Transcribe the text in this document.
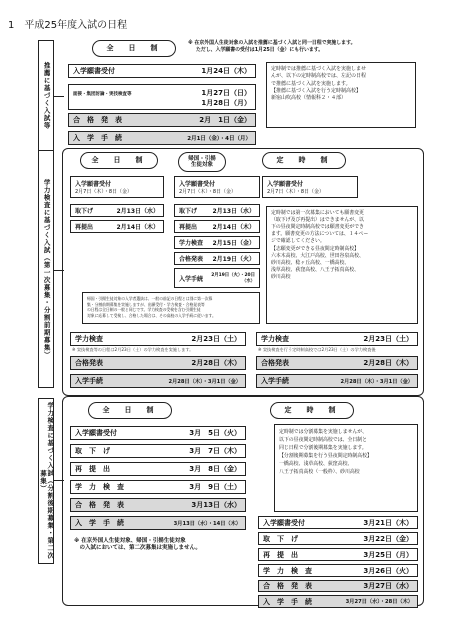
1　平成25年度入試の日程
推薦に基づく入試等
全　日　制
※ 在京外国人生徒対象の入試を推薦に基づく入試と同一日程で実施します。
ただし、入学願書の受付は1月25日（金）にも行います。
入学願書受付	1月24日（木）
面接・集団討論・実技検査等	1月27日（日）
1月28日（月）
合　格　発　表	2月　1日（金）
入　学　手　続	2月1日（金）・4日（月）

定時制では推薦に基づく入試を実施しませ

んが、以下の定時制高校では、左記の日程

で推薦に基づく入試を実施します。

【推薦に基づく入試を行う定時制高校】

新宿山吹高校（情報科２・４部）

学力検査に基づく入試（第一次募集・分割前期募集）
全　日　制	帰国・引揚
生徒対象
定　時　制
入学願書受付
2月7日（木）・8日（金）
取下げ	2月13日（水）
再提出	2月14日（木）
入学願書受付
2月7日（木）・8日（金）
取下げ	2月13日（水）
再提出	2月14日（木）
学力検査 2月15日（金）
合格発表 2月19日（火）
入学手続 2月19日（火）・20日（水）
入学願書受付
2月7日（木）・8日（金）

定時制では第一次募集においても願書変更

（取下げ及び再提出）はできませんが、以

下の昼夜間定時制高校では願書変更ができ

ます。願書変更の方法については、１４ペー

ジで確認してください。

【志願変更ができる昼夜間定時制高校】

六本木高校、大江戸高校、世田谷泉高校、

砂川高校、稔ヶ丘高校、一橋高校、

浅草高校、荻窪高校、八王子拓真高校、

砂川高校

帰国・引揚生徒対象の入学者選抜は、一般の前記の日程とは別に第一次募

集・分割前期募集を実施しますが、出願受付・学力検査・合格発表等

の日程は全日制の一般と同じです。学力検査の受検を含む引揚生徒

対象に応募して受検し、合格した場合は、その高校の入学手続に従います。

学力検査	2月23日（土）
※ 実技検査等の日程は2月23日（土）の学力検査を実施します。
合格発表	2月28日（木）
入学手続	2月28日（木）・3月1日（金）
学力検査	2月23日（土）
※ 実技検査を行う定時制高校では2月23日（土）の学力検査後
合格発表	2月28日（木）
入学手続	2月28日（木）・3月1日（金）
学力検査に基づく入試（分割後期募集・第二次募集）
全　日　制	定　時　制
入学願書受付	3月　5日（火）
取　下　げ	3月　7日（木）
再　提　出	3月　8日（金）
学　力　検　査	3月　9日（土）
合　格　発　表	3月13日（水）
入　学　手　続	3月13日（水）・14日（木）
※ 在京外国人生徒対象、帰国・引揚生徒対象
　の入試においては、第二次募集は実施しません。

定時制では分割募集を実施しませんが、

以下の昼夜間定時制高校では、全日制と

同じ日程で分割後期募集を実施します。

【分割後期募集を行う昼夜間定時制高校】

一橋高校、浅草高校、荻窪高校、

八王子拓真高校（一般枠）、砂川高校

入学願書受付	3月21日（木）
取　下　げ	3月22日（金）
再　提　出	3月25日（月）
学　力　検　査	3月26日（火）
合　格　発　表	3月27日（水）
入　学　手　続	3月27日（水）・28日（木）
